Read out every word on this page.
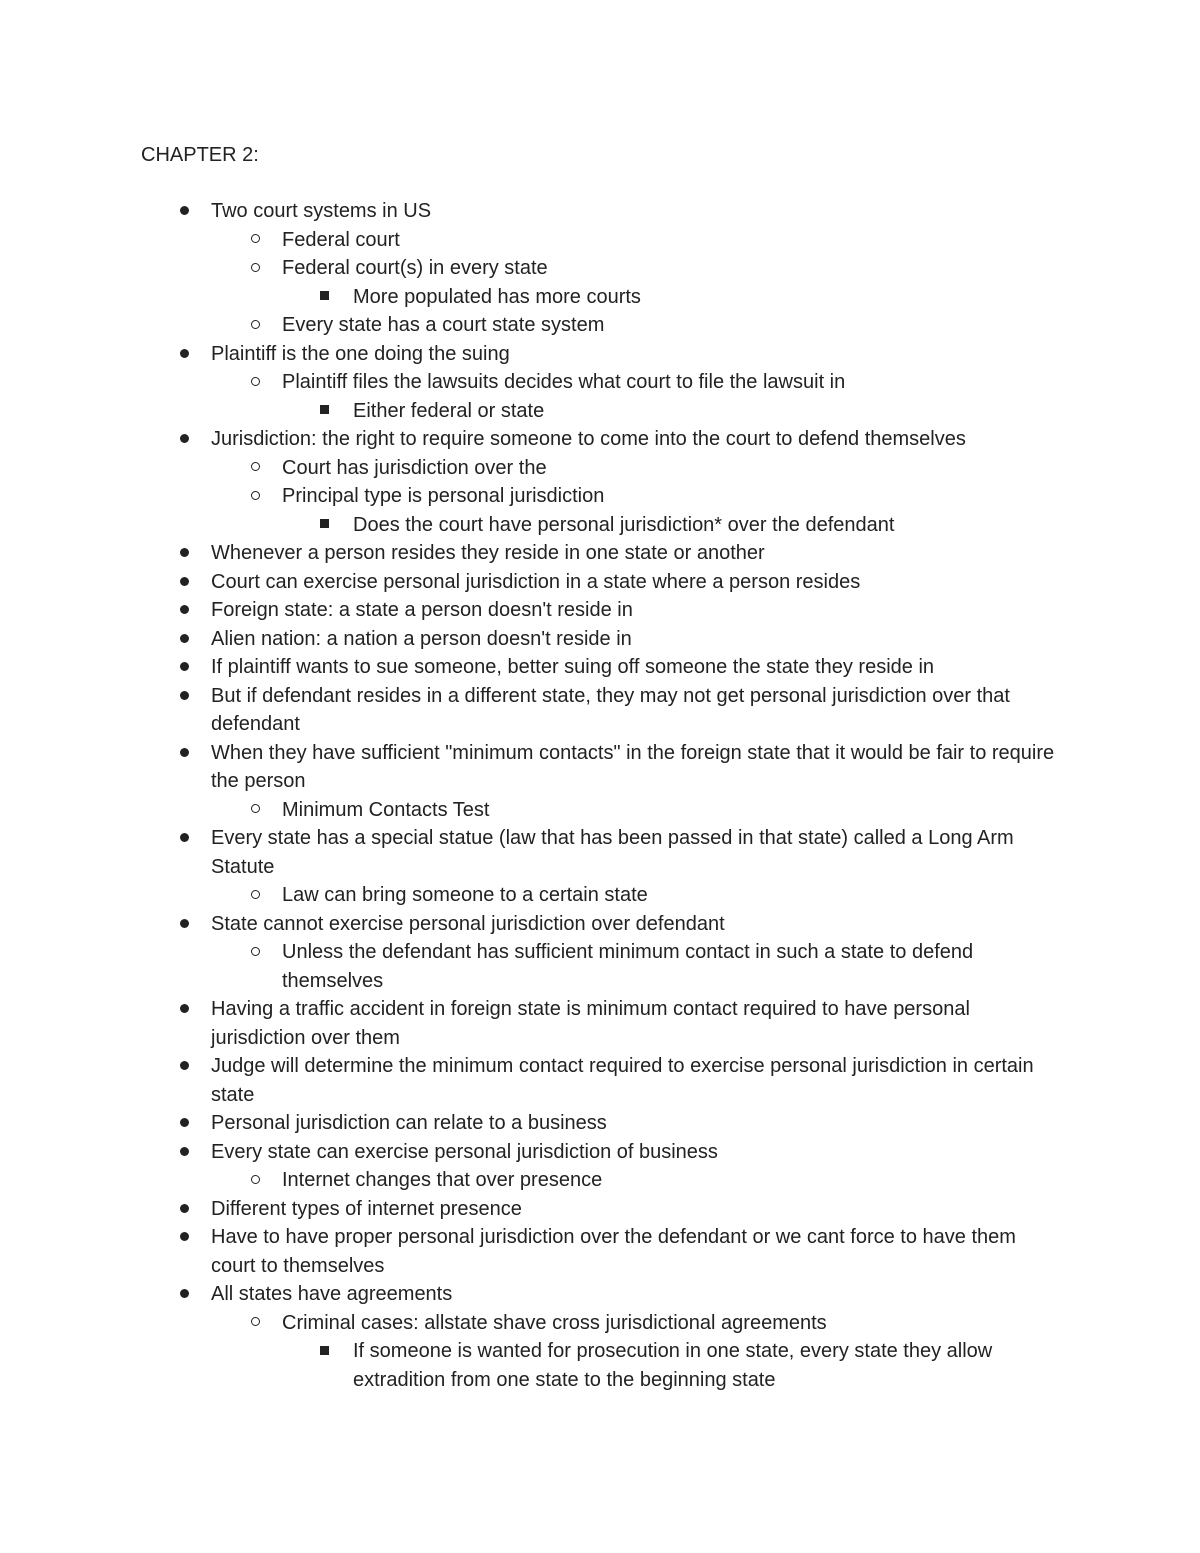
CHAPTER 2:
Two court systems in US
Federal court
Federal court(s) in every state
More populated has more courts
Every state has a court state system
Plaintiff is the one doing the suing
Plaintiff files the lawsuits decides what court to file the lawsuit in
Either federal or state
Jurisdiction: the right to require someone to come into the court to defend themselves
Court has jurisdiction over the
Principal type is personal jurisdiction
Does the court have personal jurisdiction* over the defendant
Whenever a person resides they reside in one state or another
Court can exercise personal jurisdiction in a state where a person resides
Foreign state: a state a person doesn't reside in
Alien nation: a nation a person doesn't reside in
If plaintiff wants to sue someone, better suing off someone the state they reside in
But if defendant resides in a different state, they may not get personal jurisdiction over that defendant
When they have sufficient "minimum contacts" in the foreign state that it would be fair to require the person
Minimum Contacts Test
Every state has a special statue (law that has been passed in that state) called a Long Arm Statute
Law can bring someone to a certain state
State cannot exercise personal jurisdiction over defendant
Unless the defendant has sufficient minimum contact in such a state to defend themselves
Having a traffic accident in foreign state is minimum contact required to have personal jurisdiction over them
Judge will determine the minimum contact required to exercise personal jurisdiction in certain state
Personal jurisdiction can relate to a business
Every state can exercise personal jurisdiction of business
Internet changes that over presence
Different types of internet presence
Have to have proper personal jurisdiction over the defendant or we cant force to have them court to themselves
All states have agreements
Criminal cases: allstate shave cross jurisdictional agreements
If someone is wanted for prosecution in one state, every state they allow extradition from one state to the beginning state
